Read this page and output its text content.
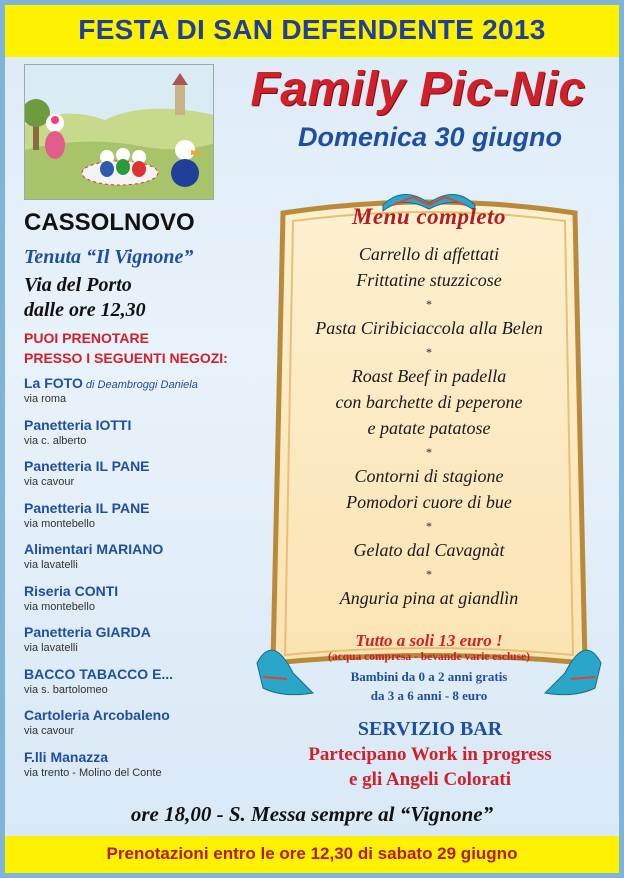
FESTA DI SAN DEFENDENTE 2013
Family Pic-Nic
Domenica 30 giugno
CASSOLNOVO
Tenuta “Il Vignone”
Via del Porto
dalle ore 12,30
PUOI PRENOTARE
PRESSO I SEGUENTI NEGOZI:
La FOTO di Deambroggi Daniela
via roma
Panetteria IOTTI
via c. alberto
Panetteria IL PANE
via cavour
Panetteria IL PANE
via montebello
Alimentari MARIANO
via lavatelli
Riseria CONTI
via montebello
Panetteria GIARDA
via lavatelli
BACCO TABACCO E...
via s. bartolomeo
Cartoleria Arcobaleno
via cavour
F.lli Manazza
via trento - Molino del Conte
Menu completo
Carrello di affettati
Frittatine stuzzicose
*
Pasta Ciribiciaccola alla Belen
*
Roast Beef in padella
con barchette di peperone
e patate patatose
*
Contorni di stagione
Pomodori cuore di bue
*
Gelato dal Cavagnàt
*
Anguria pina at giandlìn
Tutto a soli 13 euro !
(acqua compresa - bevande varie escluse)
Bambini da 0 a 2 anni gratis
da 3 a 6 anni - 8 euro
SERVIZIO BAR
Partecipano Work in progress
e gli Angeli Colorati
ore 18,00 - S. Messa sempre al “Vignone”
Prenotazioni entro le ore 12,30 di sabato 29 giugno
